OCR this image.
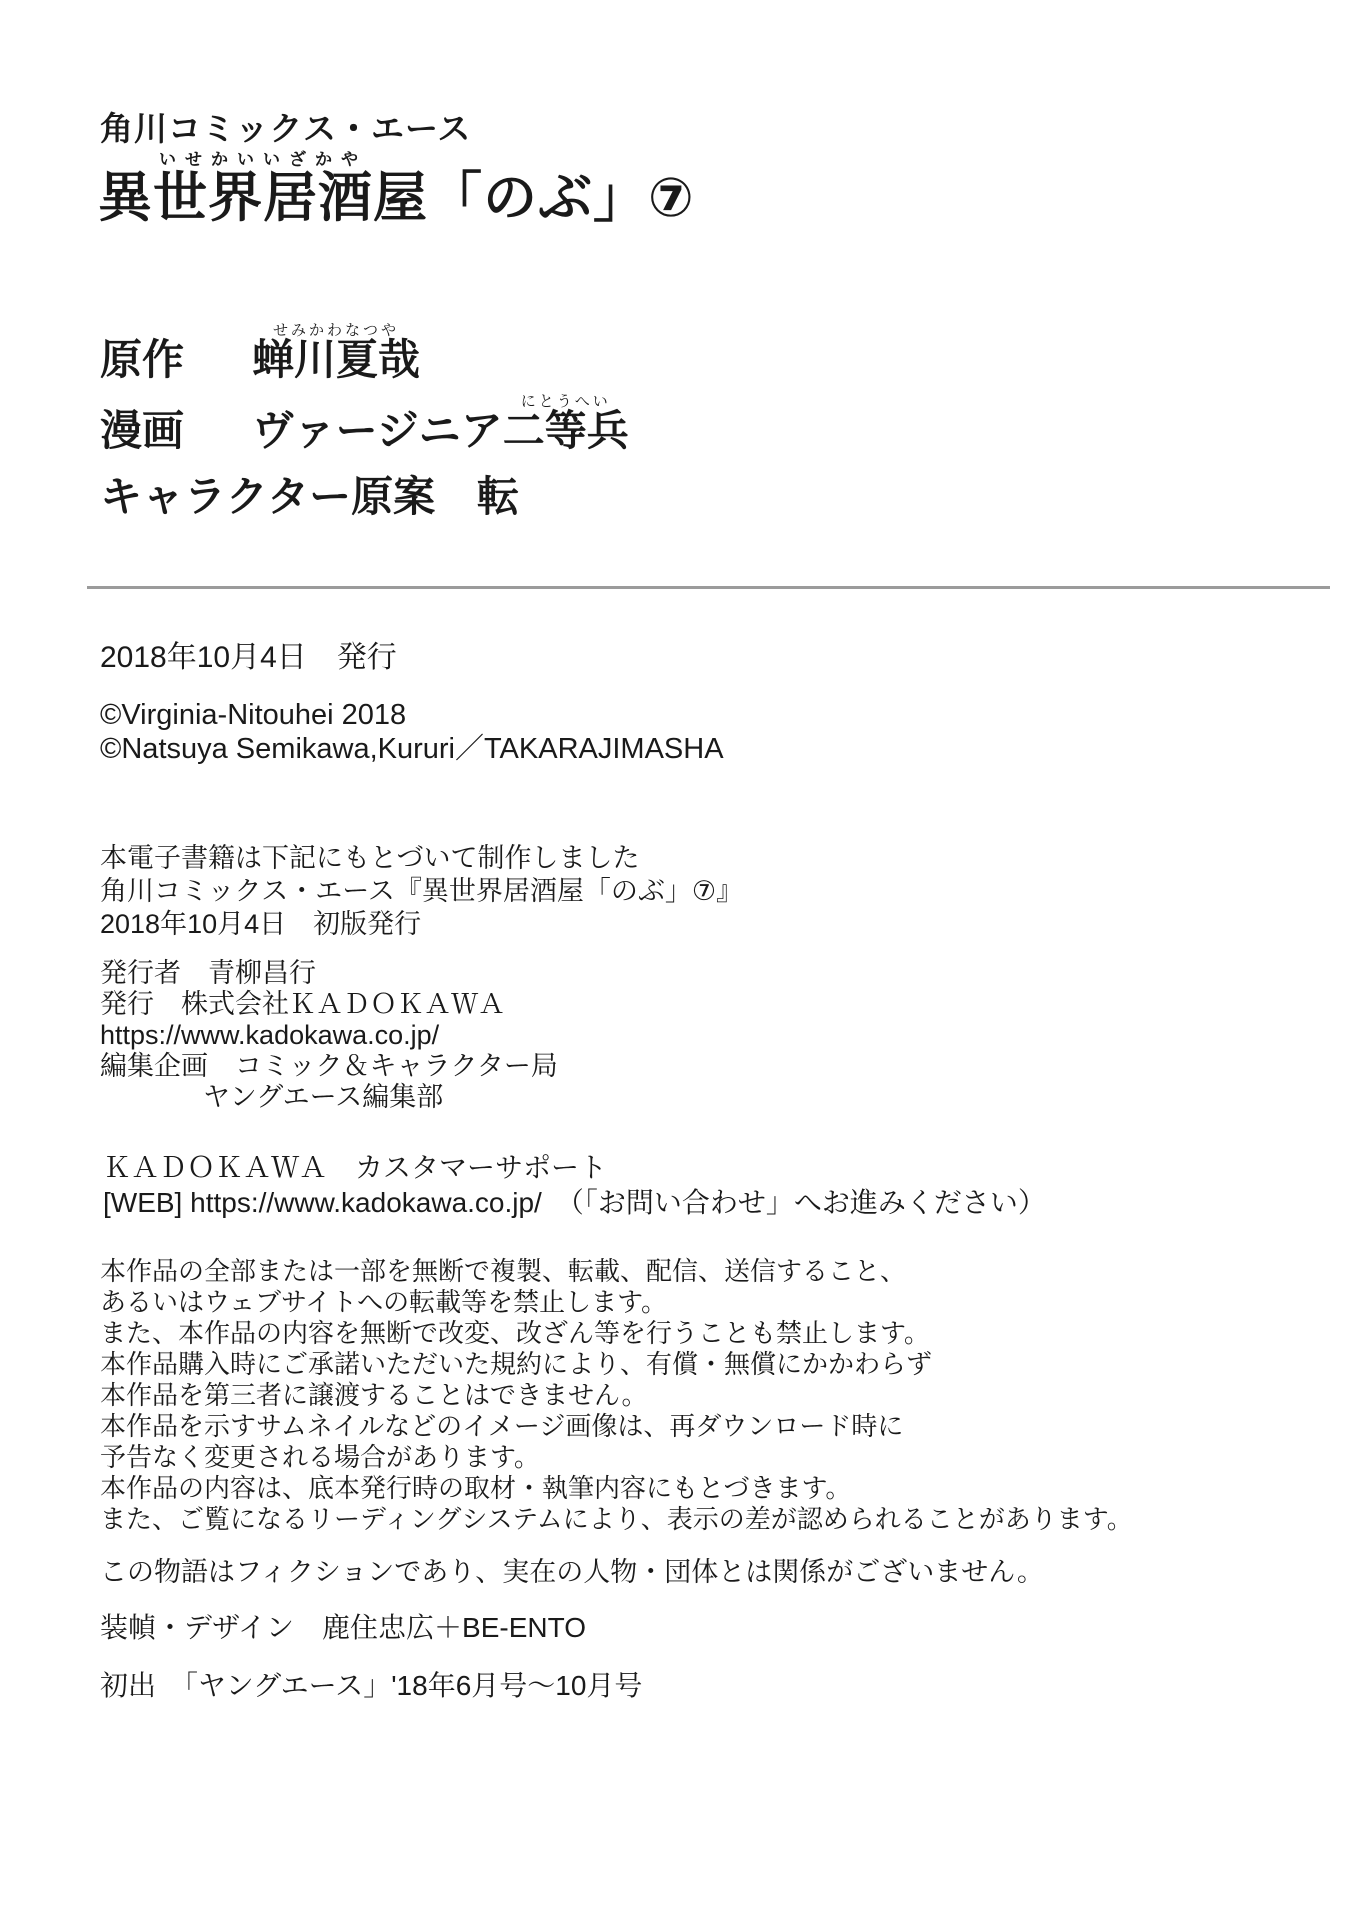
角川コミックス・エース
異世界居酒屋いせかいいざかや「のぶ」⑦
原作	蝉川夏哉せみかわなつや
漫画	ヴァージニア二等兵にとうへい
キャラクター原案 転
2018年10月4日　発行
©Virginia-Nitouhei 2018
©Natsuya Semikawa,Kururi／TAKARAJIMASHA
本電子書籍は下記にもとづいて制作しました
角川コミックス・エース『異世界居酒屋「のぶ」⑦』
2018年10月4日　初版発行
発行者　青柳昌行
発行　株式会社ＫＡＤＯＫＡＷＡ
https://www.kadokawa.co.jp/
編集企画　コミック＆キャラクター局
ヤングエース編集部
ＫＡＤＯＫＡＷＡ　カスタマーサポート
[WEB] https://www.kadokawa.co.jp/　（「お問い合わせ」へお進みください）
本作品の全部または一部を無断で複製、転載、配信、送信すること、
あるいはウェブサイトへの転載等を禁止します。
また、本作品の内容を無断で改変、改ざん等を行うことも禁止します。
本作品購入時にご承諾いただいた規約により、有償・無償にかかわらず
本作品を第三者に譲渡することはできません。
本作品を示すサムネイルなどのイメージ画像は、再ダウンロード時に
予告なく変更される場合があります。
本作品の内容は、底本発行時の取材・執筆内容にもとづきます。
また、ご覧になるリーディングシステムにより、表示の差が認められることがあります。
この物語はフィクションであり、実在の人物・団体とは関係がございません。
装幀・デザイン　鹿住忠広＋BE-ENTO
初出　「ヤングエース」'18年6月号～10月号
